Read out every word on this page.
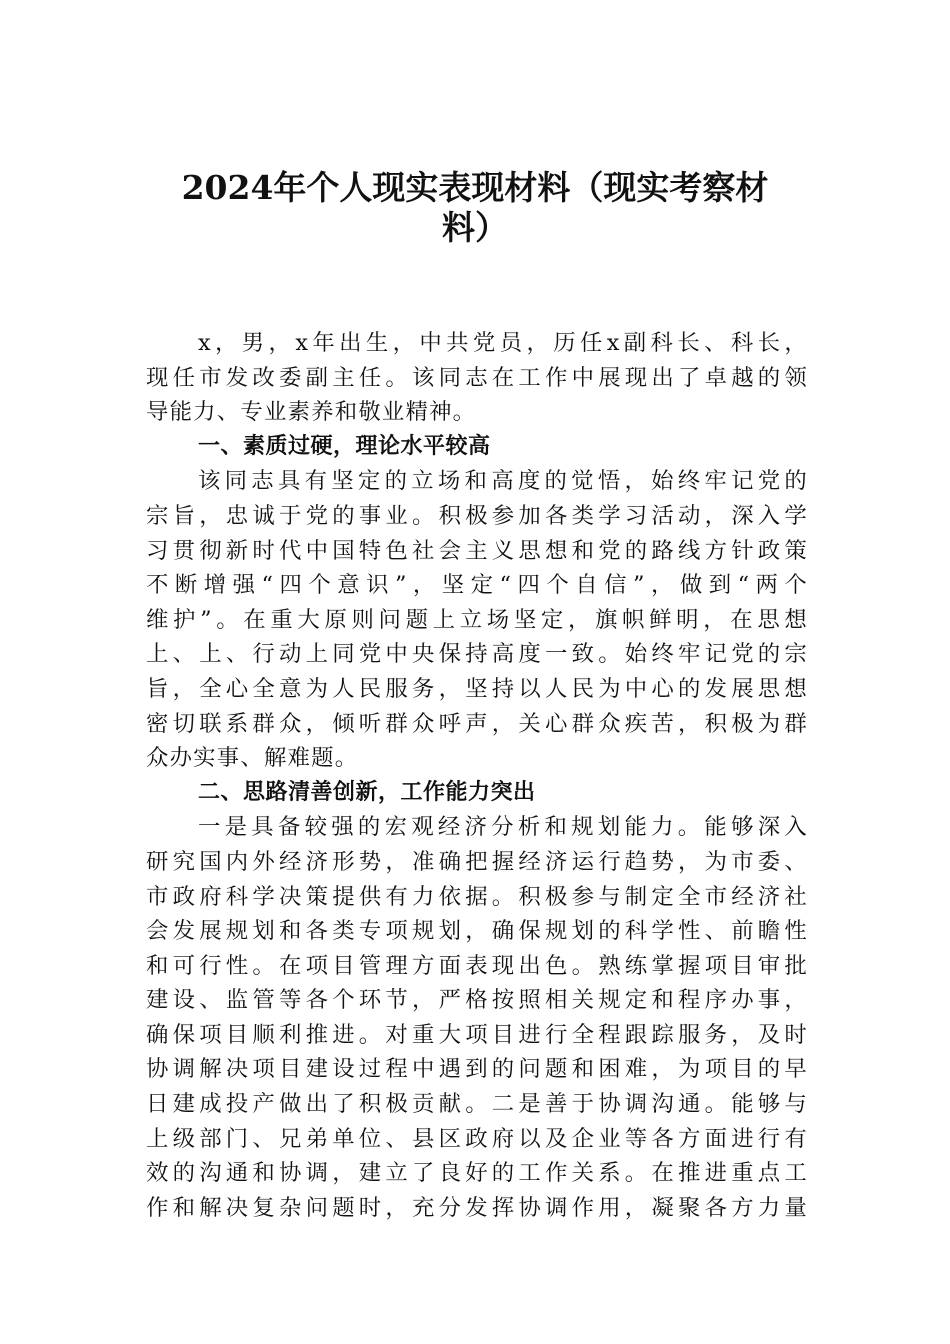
2024年个人现实表现材料（现实考察材
料）

x，男，x年出生，中共党员，历任x副科长、科长，
现任市发改委副主任。该同志在工作中展现出了卓越的领
导能力、专业素养和敬业精神。

一、素质过硬，理论水平较高

该同志具有坚定的立场和高度的觉悟，始终牢记党的
宗旨，忠诚于党的事业。积极参加各类学习活动，深入学
习贯彻新时代中国特色社会主义思想和党的路线方针政策
不断增强“四个意识”，坚定“四个自信”，做到“两个
维护”。在重大原则问题上立场坚定，旗帜鲜明，在思想
上、上、行动上同党中央保持高度一致。始终牢记党的宗
旨，全心全意为人民服务，坚持以人民为中心的发展思想
密切联系群众，倾听群众呼声，关心群众疾苦，积极为群
众办实事、解难题。

二、思路清善创新，工作能力突出

一是具备较强的宏观经济分析和规划能力。能够深入
研究国内外经济形势，准确把握经济运行趋势，为市委、
市政府科学决策提供有力依据。积极参与制定全市经济社
会发展规划和各类专项规划，确保规划的科学性、前瞻性
和可行性。在项目管理方面表现出色。熟练掌握项目审批
建设、监管等各个环节，严格按照相关规定和程序办事，
确保项目顺利推进。对重大项目进行全程跟踪服务，及时
协调解决项目建设过程中遇到的问题和困难，为项目的早
日建成投产做出了积极贡献。二是善于协调沟通。能够与
上级部门、兄弟单位、县区政府以及企业等各方面进行有
效的沟通和协调，建立了良好的工作关系。在推进重点工
作和解决复杂问题时，充分发挥协调作用，凝聚各方力量
